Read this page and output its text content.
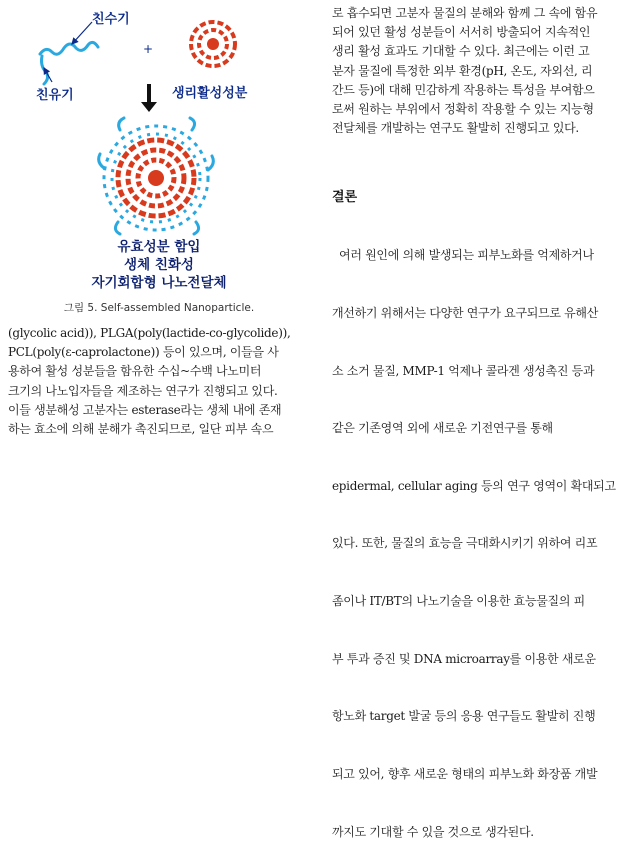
친수기
+
친유기	생리활성성분
유효성분 함입
생체 친화성
자기회합형 나노전달체
그림 5. Self-assembled Nanoparticle.
(glycolic acid)), PLGA(poly(lactide-co-glycolide)),
PCL(poly(ε-caprolactone)) 등이 있으며, 이들을 사
용하여 활성 성분들을 함유한 수십~수백 나노미터
크기의 나노입자들을 제조하는 연구가 진행되고 있다.
이들 생분해성 고분자는 esterase라는 생체 내에 존재
하는 효소에 의해 분해가 촉진되므로, 일단 피부 속으
로 흡수되면 고분자 물질의 분해와 함께 그 속에 함유
되어 있던 활성 성분들이 서서히 방출되어 지속적인
생리 활성 효과도 기대할 수 있다. 최근에는 이런 고
분자 물질에 특정한 외부 환경(pH, 온도, 자외선, 리
간드 등)에 대해 민감하게 작용하는 특성을 부여함으
로써 원하는 부위에서 정확히 작용할 수 있는 지능형
전달체를 개발하는 연구도 활발히 진행되고 있다.
결론

여러 원인에 의해 발생되는 피부노화를 억제하거나

개선하기 위해서는 다양한 연구가 요구되므로 유해산

소 소거 물질, MMP-1 억제나 콜라겐 생성촉진 등과

같은 기존영역 외에 새로운 기전연구를 통해

epidermal, cellular aging 등의 연구 영역이 확대되고

있다. 또한, 물질의 효능을 극대화시키기 위하여 리포

좀이나 IT/BT의 나노기술을 이용한 효능물질의 피

부 투과 증진 및 DNA microarray를 이용한 새로운

항노화 target 발굴 등의 응용 연구들도 활발히 진행

되고 있어, 향후 새로운 형태의 피부노화 화장품 개발

까지도 기대할 수 있을 것으로 생각된다.
